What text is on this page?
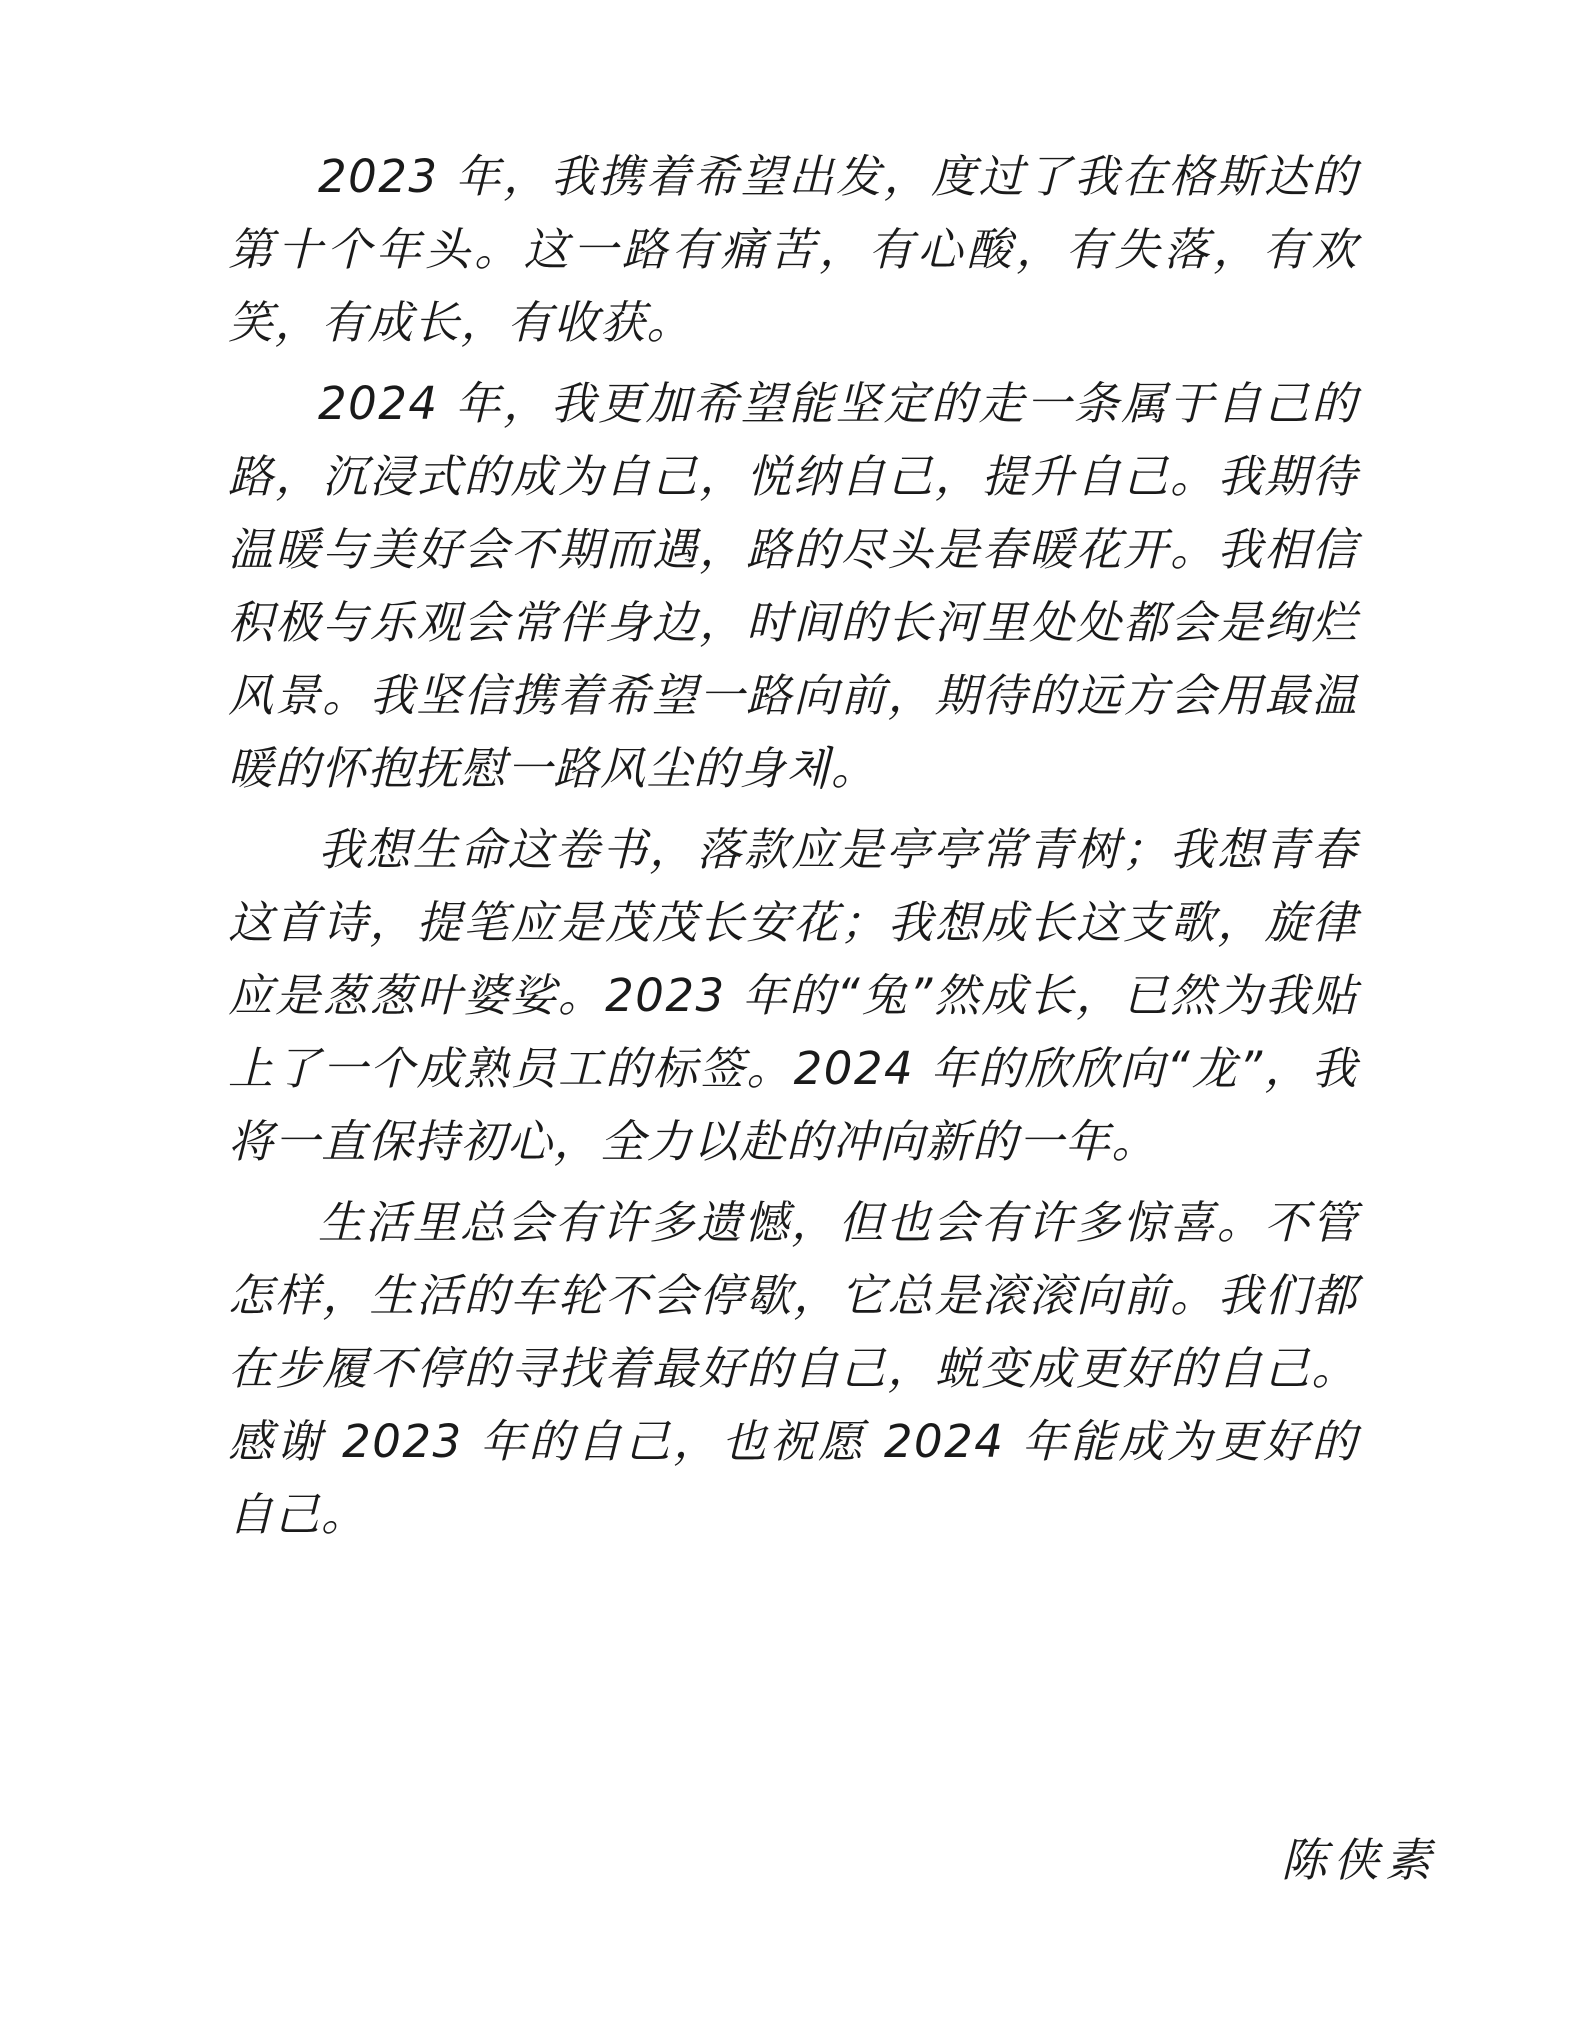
2023 年，我携着希望出发，度过了我在格斯达的第十个年头。这一路有痛苦，有心酸，有失落，有欢笑，有成长，有收获。

2024 年，我更加希望能坚定的走一条属于自己的路，沉浸式的成为自己，悦纳自己，提升自己。我期待温暖与美好会不期而遇，路的尽头是春暖花开。我相信积极与乐观会常伴身边，时间的长河里处处都会是绚烂风景。我坚信携着希望一路向前，期待的远方会用最温暖的怀抱抚慰一路风尘的身체。

我想生命这卷书，落款应是亭亭常青树；我想青春这首诗，提笔应是茂茂长安花；我想成长这支歌，旋律应是葱葱叶婆娑。2023 年的“兔”然成长，已然为我贴上了一个成熟员工的标签。2024 年的欣欣向“龙”，我将一直保持初心，全力以赴的冲向新的一年。

生活里总会有许多遗憾，但也会有许多惊喜。不管怎样，生活的车轮不会停歇，它总是滚滚向前。我们都在步履不停的寻找着最好的自己，蜕变成更好的自己。感谢 2023 年的自己，也祝愿 2024 年能成为更好的自己。

陈侠素
